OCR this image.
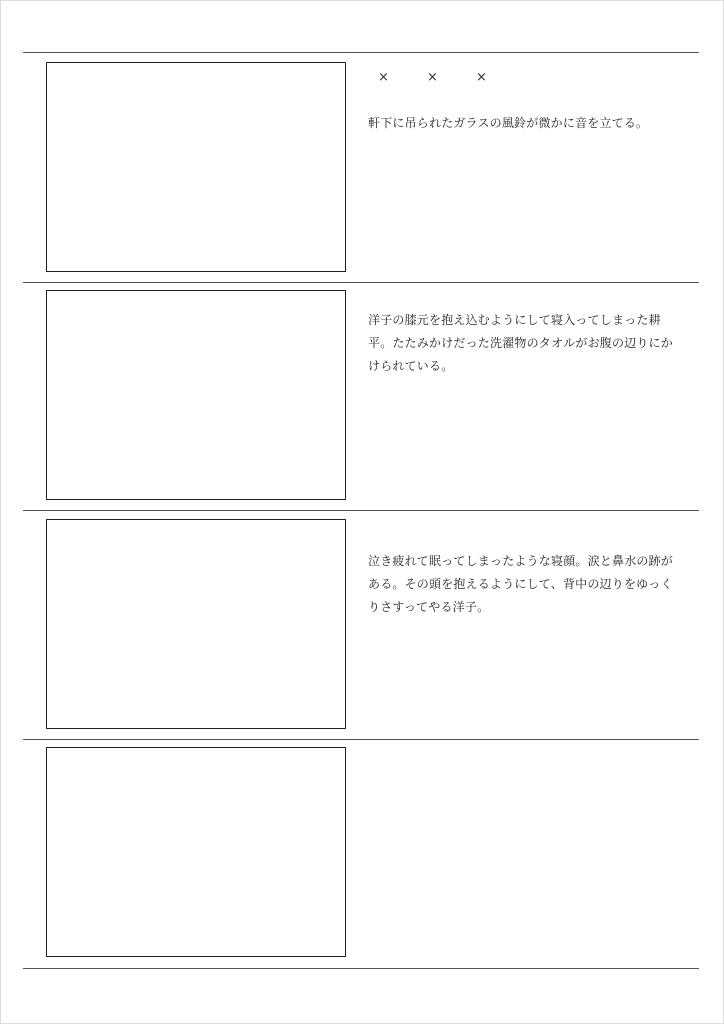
×	×	×
軒下に吊られたガラスの風鈴が微かに音を立てる。
洋子の膝元を抱え込むようにして寝入ってしまった耕平。たたみかけだった洗濯物のタオルがお腹の辺りにかけられている。
泣き疲れて眠ってしまったような寝顔。涙と鼻水の跡がある。その頭を抱えるようにして、背中の辺りをゆっくりさすってやる洋子。
